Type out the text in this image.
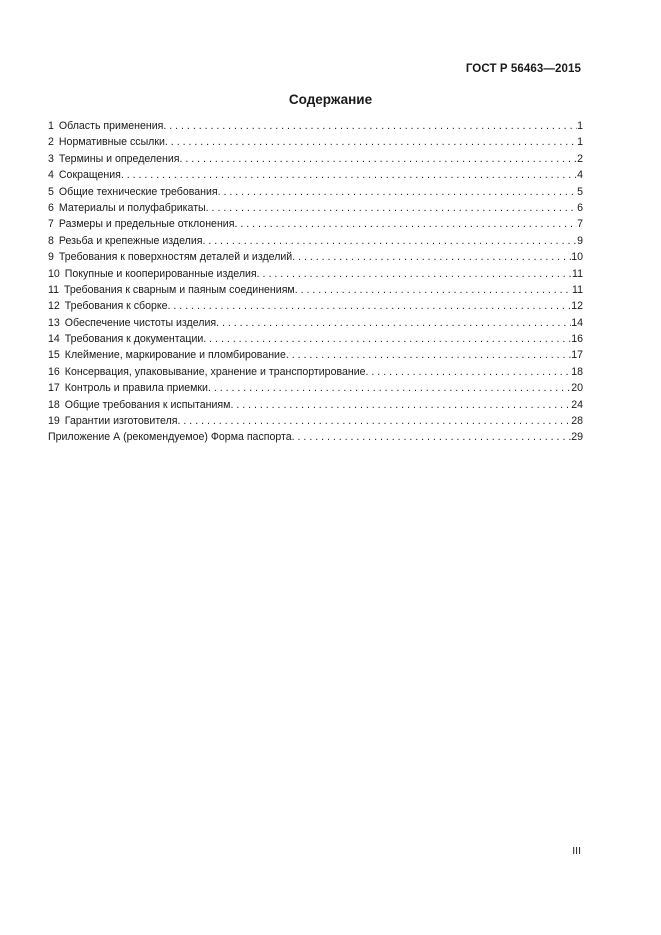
ГОСТ Р 56463—2015
Содержание
1 Область применения . . .	1
2 Нормативные ссылки . . .	1
3 Термины и определения . . .	2
4 Сокращения . . .	4
5 Общие технические требования . . .	5
6 Материалы и полуфабрикаты . . .	6
7 Размеры и предельные отклонения . . .	7
8 Резьба и крепежные изделия . . .	9
9 Требования к поверхностям деталей и изделий . . .	10
10 Покупные и кооперированные изделия . . .	11
11 Требования к сварным и паяным соединениям . . .	11
12 Требования к сборке . . .	12
13 Обеспечение чистоты изделия . . .	14
14 Требования к документации . . .	16
15 Клеймение, маркирование и пломбирование . . .	17
16 Консервация, упаковывание, хранение и транспортирование . . .	18
17 Контроль и правила приемки . . .	20
18 Общие требования к испытаниям . . .	24
19 Гарантии изготовителя . . .	28
Приложение А (рекомендуемое) Форма паспорта . . .	29
III
